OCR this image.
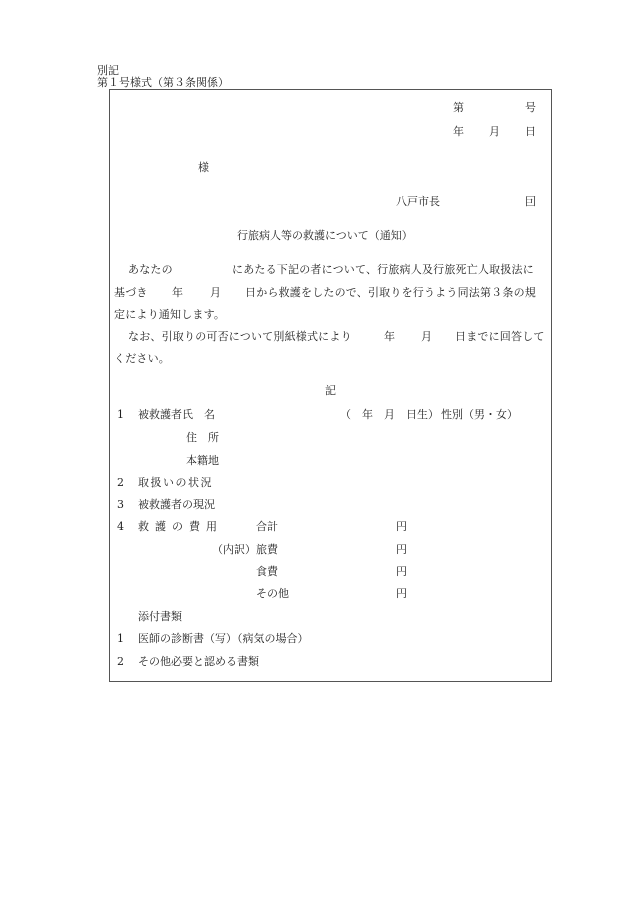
別記
第１号様式（第３条関係）
第	号
年 月 日
様
八戸市長	囙
行旅病人等の救護について（通知）
あなたの	にあたる下記の者について、行旅病人及行旅死亡人取扱法に
基づき 年 月 日から救護をしたので、引取りを行うよう同法第３条の規
定により通知します。
なお、引取りの可否について別紙様式により	年 月 日までに回答して
ください。
記
1 被救護者氏　名	（　年　月　日生） 性別（男・女）
住　所
本籍地
2 取扱いの状況
3 被救護者の現況
4 救護の費用	合計	円
（内訳） 旅費	円
食費	円
その他	円
添付書類
1 医師の診断書（写）（病気の場合）
2 その他必要と認める書類
